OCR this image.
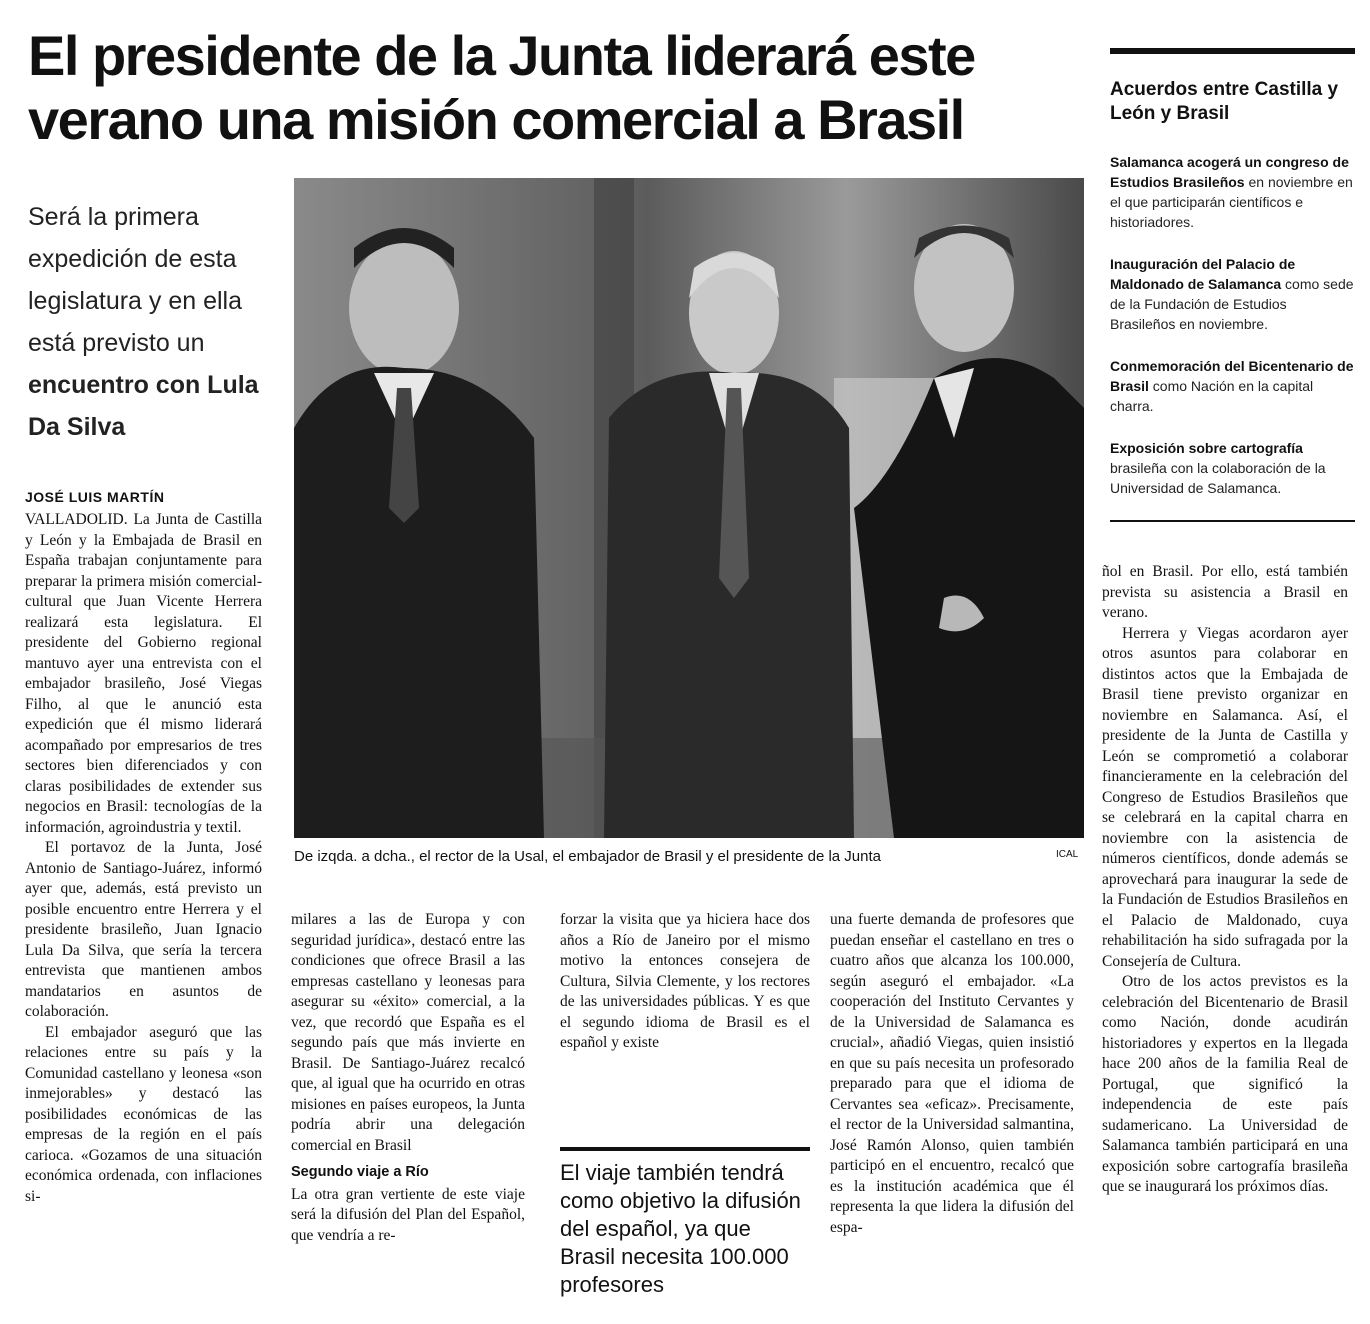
El presidente de la Junta liderará este
verano una misión comercial a Brasil
Será la primera expedición de esta legislatura y en ella está previsto un encuentro con Lula Da Silva
JOSÉ LUIS MARTÍN

VALLADOLID. La Junta de Castilla y León y la Embajada de Brasil en España trabajan conjuntamente para preparar la primera misión comercial-cultural que Juan Vicente Herrera realizará esta legislatura. El presidente del Gobierno regional mantuvo ayer una entrevista con el embajador brasileño, José Viegas Filho, al que le anunció esta expedición que él mismo liderará acompañado por empresarios de tres sectores bien diferenciados y con claras posibilidades de extender sus negocios en Brasil: tecnologías de la información, agroindustria y textil.

El portavoz de la Junta, José Antonio de Santiago-Juárez, informó ayer que, además, está previsto un posible encuentro entre Herrera y el presidente brasileño, Juan Ignacio Lula Da Silva, que sería la tercera entrevista que mantienen ambos mandatarios en asuntos de colaboración.

El embajador aseguró que las relaciones entre su país y la Comunidad castellano y leonesa «son inmejorables» y destacó las posibilidades económicas de las empresas de la región en el país carioca. «Gozamos de una situación económica ordenada, con inflaciones si-

De izqda. a dcha., el rector de la Usal, el embajador de Brasil y el presidente de la Junta	ICAL

milares a las de Europa y con seguridad jurídica», destacó entre las condiciones que ofrece Brasil a las empresas castellano y leonesas para asegurar su «éxito» comercial, a la vez, que recordó que España es el segundo país que más invierte en Brasil. De Santiago-Juárez recalcó que, al igual que ha ocurrido en otras misiones en países europeos, la Junta podría abrir una delegación comercial en Brasil

Segundo viaje a Río

La otra gran vertiente de este viaje será la difusión del Plan del Español, que vendría a re-

forzar la visita que ya hiciera hace dos años a Río de Janeiro por el mismo motivo la entonces consejera de Cultura, Silvia Clemente, y los rectores de las universidades públicas. Y es que el segundo idioma de Brasil es el español y existe

El viaje también tendrá como objetivo la difusión del español, ya que Brasil necesita 100.000 profesores

una fuerte demanda de profesores que puedan enseñar el castellano en tres o cuatro años que alcanza los 100.000, según aseguró el embajador. «La cooperación del Instituto Cervantes y de la Universidad de Salamanca es crucial», añadió Viegas, quien insistió en que su país necesita un profesorado preparado para que el idioma de Cervantes sea «eficaz». Precisamente, el rector de la Universidad salmantina, José Ramón Alonso, quien también participó en el encuentro, recalcó que es la institución académica que él representa la que lidera la difusión del espa-

ñol en Brasil. Por ello, está también prevista su asistencia a Brasil en verano.

Herrera y Viegas acordaron ayer otros asuntos para colaborar en distintos actos que la Embajada de Brasil tiene previsto organizar en noviembre en Salamanca. Así, el presidente de la Junta de Castilla y León se comprometió a colaborar financieramente en la celebración del Congreso de Estudios Brasileños que se celebrará en la capital charra en noviembre con la asistencia de números científicos, donde además se aprovechará para inaugurar la sede de la Fundación de Estudios Brasileños en el Palacio de Maldonado, cuya rehabilitación ha sido sufragada por la Consejería de Cultura.

Otro de los actos previstos es la celebración del Bicentenario de Brasil como Nación, donde acudirán historiadores y expertos en la llegada hace 200 años de la familia Real de Portugal, que significó la independencia de este país sudamericano. La Universidad de Salamanca también participará en una exposición sobre cartografía brasileña que se inaugurará los próximos días.

Acuerdos entre Castilla y León y Brasil
Salamanca acogerá un congreso de Estudios Brasileños en noviembre en el que participarán científicos e historiadores.
Inauguración del Palacio de Maldonado de Salamanca como sede de la Fundación de Estudios Brasileños en noviembre.
Conmemoración del Bicentenario de Brasil como Nación en la capital charra.
Exposición sobre cartografía brasileña con la colaboración de la Universidad de Salamanca.
